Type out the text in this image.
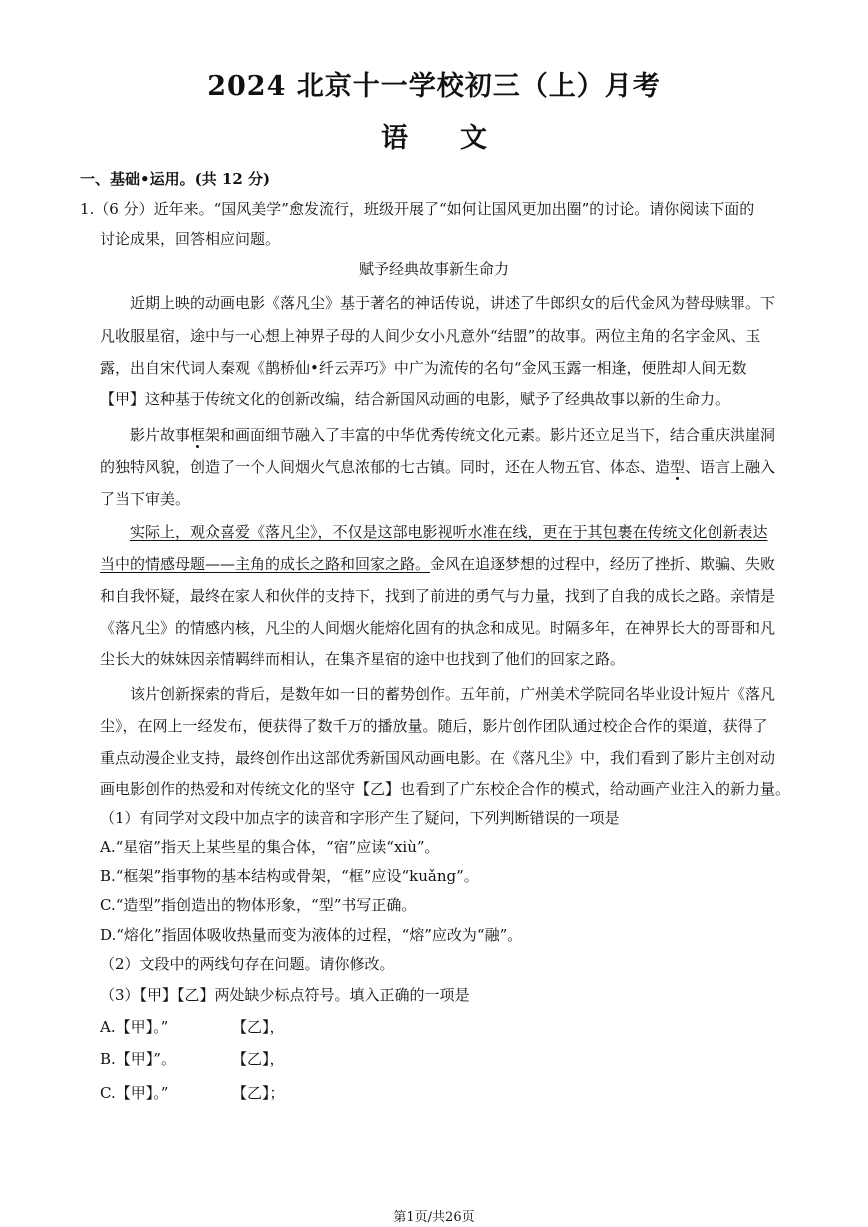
2024 北京十一学校初三（上）月考
语 文
一、基础•运用。(共 12 分)
1.（6 分）近年来。“国风美学”愈发流行，班级开展了“如何让国风更加出圈”的讨论。请你阅读下面的
讨论成果，回答相应问题。
赋予经典故事新生命力
近期上映的动画电影《落凡尘》基于著名的神话传说，讲述了牛郎织女的后代金风为替母赎罪。下
凡收服星宿，途中与一心想上神界子母的人间少女小凡意外“结盟”的故事。两位主角的名字金风、玉
露，出自宋代词人秦观《鹊桥仙•纤云弄巧》中广为流传的名句“金风玉露一相逢，便胜却人间无数
【甲】这种基于传统文化的创新改编，结合新国风动画的电影，赋予了经典故事以新的生命力。
影片故事框架和画面细节融入了丰富的中华优秀传统文化元素。影片还立足当下，结合重庆洪崖洞
的独特风貌，创造了一个人间烟火气息浓郁的七古镇。同时，还在人物五官、体态、造型、语言上融入
了当下审美。
实际上，观众喜爱《落凡尘》，不仅是这部电影视听水准在线，更在于其包裹在传统文化创新表达
当中的情感母题——主角的成长之路和回家之路。金风在追逐梦想的过程中，经历了挫折、欺骗、失败
和自我怀疑，最终在家人和伙伴的支持下，找到了前进的勇气与力量，找到了自我的成长之路。亲情是
《落凡尘》的情感内核，凡尘的人间烟火能熔化固有的执念和成见。时隔多年，在神界长大的哥哥和凡
尘长大的妹妹因亲情羁绊而相认，在集齐星宿的途中也找到了他们的回家之路。
该片创新探索的背后，是数年如一日的蓄势创作。五年前，广州美术学院同名毕业设计短片《落凡
尘》，在网上一经发布，便获得了数千万的播放量。随后，影片创作团队通过校企合作的渠道，获得了
重点动漫企业支持，最终创作出这部优秀新国风动画电影。在《落凡尘》中，我们看到了影片主创对动
画电影创作的热爱和对传统文化的坚守【乙】也看到了广东校企合作的模式，给动画产业注入的新力量。
（1）有同学对文段中加点字的读音和字形产生了疑问，下列判断错误的一项是
A.“星宿”指天上某些星的集合体，“宿”应读“xiù”。
B.“框架”指事物的基本结构或骨架，“框”应设“kuǎng”。
C.“造型”指创造出的物体形象，“型”书写正确。
D.“熔化”指固体吸收热量而变为液体的过程，“熔”应改为“融”。
（2）文段中的两线句存在问题。请你修改。
（3）【甲】【乙】两处缺少标点符号。填入正确的一项是
A.【甲】。”	【乙】，
B.【甲】”。	【乙】，
C.【甲】。”	【乙】；
第1页/共26页
